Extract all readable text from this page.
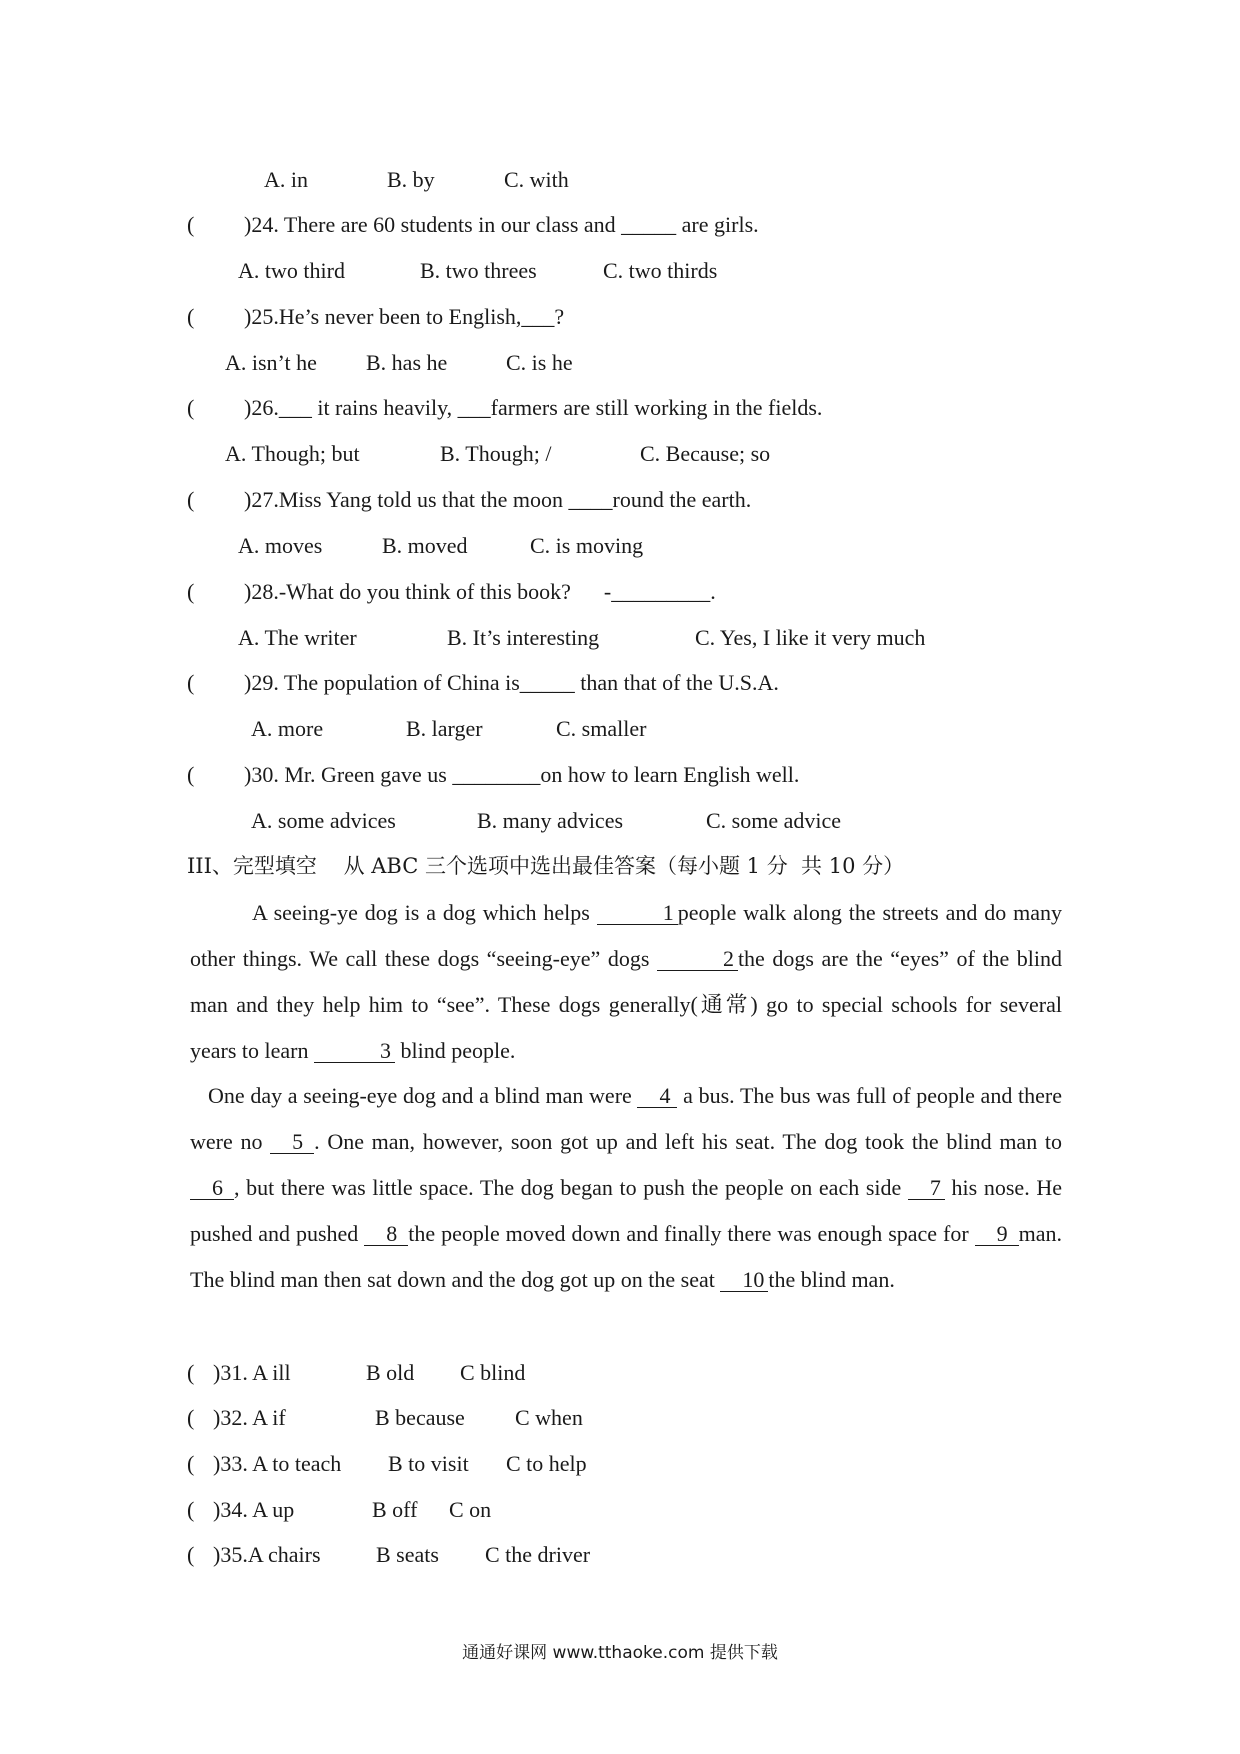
A. in	B. by	C. with
( )24. There are 60 students in our class and _____ are girls.
A. two third	B. two threes	C. two thirds
( )25.He’s never been to English,___?
A. isn’t he B. has he	C. is he
( )26.___ it rains heavily, ___farmers are still working in the fields.
A. Though; but	B. Though; /	C. Because; so
( )27.Miss Yang told us that the moon ____round the earth.
A. moves	B. moved	C. is moving
( )28.-What do you think of this book?      -_________.
A. The writer	B. It’s interesting	C. Yes, I like it very much
( )29. The population of China is_____ than that of the U.S.A.
A. more	B. larger	C. smaller
( )30. Mr. Green gave us ________on how to learn English well.
A. some advices	B. many advices	C. some advice
III、完型填空    从 ABC 三个选项中选出最佳答案（每小题 1 分  共 10 分）
A seeing-ye dog is a dog which helps	1 people walk along the streets and do many other things. We call these dogs “seeing-eye” dogs	2 the dogs are the “eyes” of the blind man and they help him to “see”. These dogs generally(通常) go to special schools for several years to learn	3 blind people.
One day a seeing-eye dog and a blind man were 4 a bus. The bus was full of people and there were no 5 . One man, however, soon got up and left his seat. The dog took the blind man to 6 , but there was little space. The dog began to push the people on each side 7 his nose. He pushed and pushed 8 the people moved down and finally there was enough space for 9 man. The blind man then sat down and the dog got up on the seat 10 the blind man.
( )31. A ill	B old C blind
( )32. A if	B because C when
( )33. A to teach B to visit C to help
( )34. A up	B off C on
( )35.A chairs	B seats C the driver
通通好课网 www.tthaoke.com 提供下载
